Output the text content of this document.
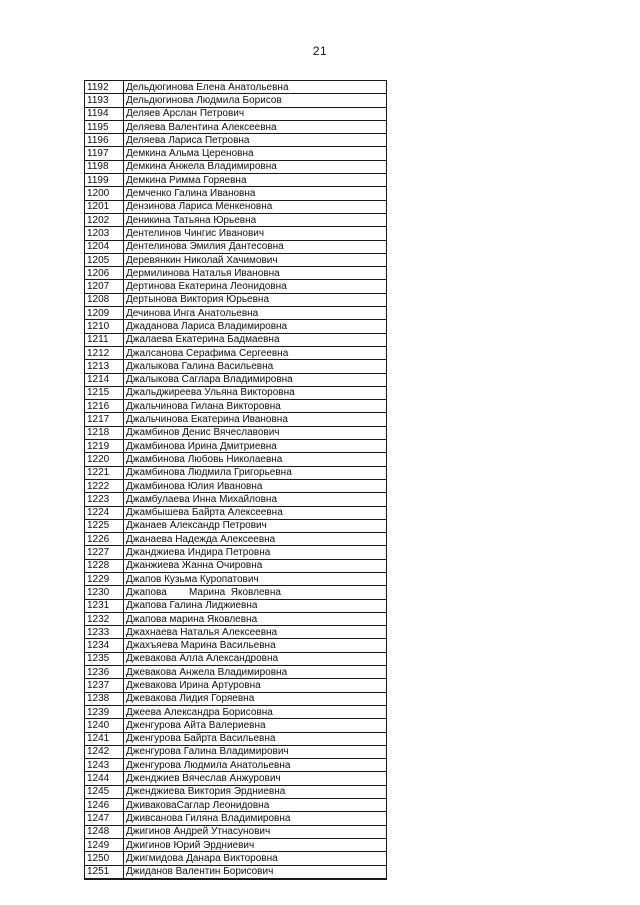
21
1192	Дельдюгинова Елена Анатольевна
1193	Дельдюгинова Людмила Борисов
1194	Деляев Арслан Петрович
1195	Деляева Валентина Алексеевна
1196	Деляева Лариса Петровна
1197	Демкина Альма Цереновна
1198	Демкина Анжела Владимировна
1199	Демкина Римма Горяевна
1200	Демченко Галина Ивановна
1201	Дензинова Лариса Менкеновна
1202	Деникина Татьяна Юрьевна
1203	Дентелинов Чингис Иванович
1204	Дентелинова Эмилия Дантесовна
1205	Деревянкин Николай Хачимович
1206	Дермилинова Наталья Ивановна
1207	Дертинова Екатерина Леонидовна
1208	Дертынова Виктория Юрьевна
1209	Дечинова Инга Анатольевна
1210	Джаданова Лариса Владимировна
1211	Джалаева Екатерина Бадмаевна
1212	Джалсанова Серафима Сергеевна
1213	Джалыкова Галина Васильевна
1214	Джалыкова Саглара Владимировна
1215	Джальджиреева Ульяна Викторовна
1216	Джальчинова Гилана Викторовна
1217	Джальчинова Екатерина Ивановна
1218	Джамбинов Денис Вячеславович
1219	Джамбинова Ирина Дмитриевна
1220	Джамбинова Любовь Николаевна
1221	Джамбинова Людмила Григорьевна
1222	Джамбинова Юлия Ивановна
1223	Джамбулаева Инна Михайловна
1224	Джамбышева Байрта Алексеевна
1225	Джанаев Александр Петрович
1226	Джанаева Надежда Алексеевна
1227	Джанджиева Индира Петровна
1228	Джанжиева Жанна Очировна
1229	Джапов Кузьма Куропатович
1230	Джапова        Марина  Яковлевна
1231	Джапова Галина Лиджиевна
1232	Джапова марина Яковлевна
1233	Джахнаева Наталья Алексеевна
1234	Джахъяева Марина Васильевна
1235	Джевакова Алла Александровна
1236	Джевакова Анжела Владимировна
1237	Джевакова Ирина Артуровна
1238	Джевакова Лидия Горяевна
1239	Джеева Александра Борисовна
1240	Дженгурова Айта Валериевна
1241	Дженгурова Байрта Васильевна
1242	Дженгурова Галина Владимирович
1243	Дженгурова Людмила Анатольевна
1244	Дженджиев Вячеслав Анжурович
1245	Дженджиева Виктория Эрдниевна
1246	ДживаковаСаглар Леонидовна
1247	Дживсанова Гиляна Владимировна
1248	Джигинов Андрей Утнасунович
1249	Джигинов Юрий Эрдниевич
1250	Джигмидова Данара Викторовна
1251	Джиданов Валентин Борисович
